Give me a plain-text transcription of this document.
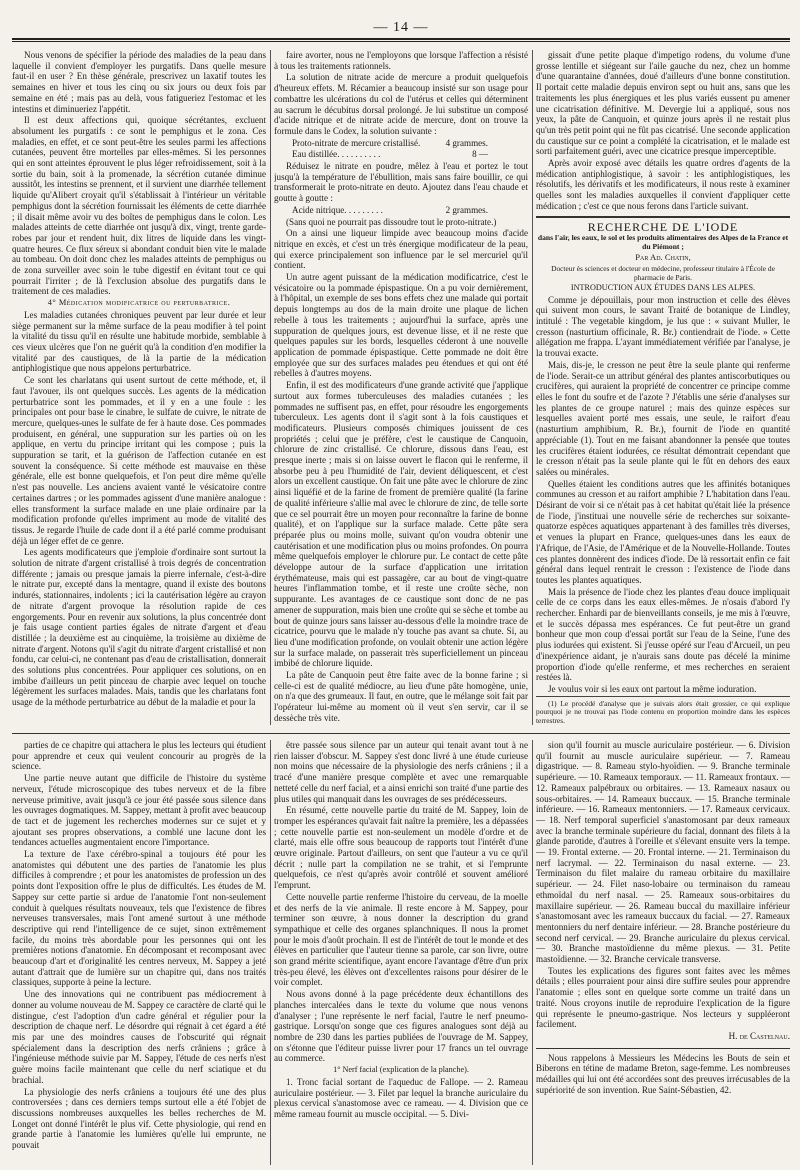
— 14 —

Nous venons de spécifier la période des maladies de la peau dans laquelle il convient d'employer les purgatifs. Dans quelle mesure faut-il en user ? En thèse générale, prescrivez un laxatif toutes les semaines en hiver et tous les cinq ou six jours ou deux fois par semaine en été ; mais pas au delà, vous fatigueriez l'estomac et les intestins et diminueriez l'appétit.

Il est deux affections qui, quoique sécrétantes, excluent absolument les purgatifs : ce sont le pemphigus et le zona. Ces maladies, en effet, et ce sont peut-être les seules parmi les affections cutanées, peuvent être mortelles par elles-mêmes. Si les personnes qui en sont atteintes éprouvent le plus léger refroidissement, soit à la sortie du bain, soit à la promenade, la sécrétion cutanée diminue aussitôt, les intestins se prennent, et il survient une diarrhée tellement liquide qu'Alibert croyait qu'il s'établissait à l'intérieur un véritable pemphigus dont la sécrétion fournissait les éléments de cette diarrhée ; il disait même avoir vu des boîtes de pemphigus dans le colon. Les malades atteints de cette diarrhée ont jusqu'à dix, vingt, trente garde-robes par jour et rendent huit, dix litres de liquide dans les vingt-quatre heures. Ce flux séreux si abondant conduit bien vite le malade au tombeau. On doit donc chez les malades atteints de pemphigus ou de zona surveiller avec soin le tube digestif en évitant tout ce qui pourrait l'irriter ; de là l'exclusion absolue des purgatifs dans le traitement de ces maladies.

4° Médication modificatrice ou perturbatrice.

Les maladies cutanées chroniques peuvent par leur durée et leur siège permanent sur la même surface de la peau modifier à tel point la vitalité du tissu qu'il en résulte une habitude morbide, semblable à ces vieux ulcères que l'on ne guérit qu'à la condition d'en modifier la vitalité par des caustiques, de là la partie de la médication antiphlogistique que nous appelons perturbatrice.

Ce sont les charlatans qui usent surtout de cette méthode, et, il faut l'avouer, ils ont quelques succès. Les agents de la médication perturbatrice sont les pommades, et il y en a une foule : les principales ont pour base le cinabre, le sulfate de cuivre, le nitrate de mercure, quelques-unes le sulfate de fer à haute dose. Ces pommades produisent, en général, une suppuration sur les parties où on les applique, en vertu du principe irritant qui les compose ; puis la suppuration se tarit, et la guérison de l'affection cutanée en est souvent la conséquence. Si cette méthode est mauvaise en thèse générale, elle est bonne quelquefois, et l'on peut dire même qu'elle n'est pas nouvelle. Les anciens avaient vanté le vésicatoire contre certaines dartres ; or les pommades agissent d'une manière analogue : elles transforment la surface malade en une plaie ordinaire par la modification profonde qu'elles impriment au mode de vitalité des tissus. Je regarde l'huile de cade dont il a été parlé comme produisant déjà un léger effet de ce genre.

Les agents modificateurs que j'emploie d'ordinaire sont surtout la solution de nitrate d'argent cristallisé à trois degrés de concentration différente ; jamais ou presque jamais la pierre infernale, c'est-à-dire le nitrate pur, excepté dans la mentagre, quand il existe des boutons indurés, stationnaires, indolents ; ici la cautérisation légère au crayon de nitrate d'argent provoque la résolution rapide de ces engorgements. Pour en revenir aux solutions, la plus concentrée dont je fais usage contient parties égales de nitrate d'argent et d'eau distillée ; la deuxième est au cinquième, la troisième au dixième de nitrate d'argent. Notons qu'il s'agit du nitrate d'argent cristallisé et non fondu, car celui-ci, ne contenant pas d'eau de cristallisation, donnerait des solutions plus concentrées. Pour appliquer ces solutions, on en imbibe d'ailleurs un petit pinceau de charpie avec lequel on touche légèrement les surfaces malades. Mais, tandis que les charlatans font usage de la méthode perturbatrice au début de la maladie et pour la

faire avorter, nous ne l'employons que lorsque l'affection a résisté à tous les traitements rationnels.

La solution de nitrate acide de mercure a produit quelquefois d'heureux effets. M. Récamier a beaucoup insisté sur son usage pour combattre les ulcérations du col de l'utérus et celles qui déterminent au sacrum le décubitus dorsal prolongé. Je lui substitue un composé d'acide nitrique et de nitrate acide de mercure, dont on trouve la formule dans le Codex, la solution suivante :

Proto-nitrate de mercure cristallisé.	4 grammes.

Eau distillée. . . . . . . . . .	8 —

Réduisez le nitrate en poudre, mêlez à l'eau et portez le tout jusqu'à la température de l'ébullition, mais sans faire bouillir, ce qui transformerait le proto-nitrate en deuto. Ajoutez dans l'eau chaude et goutte à goutte :

Acide nitrique. . . . . . . . .	2 grammes.

(Sans quoi ne pourrait pas dissoudre tout le proto-nitrate.)

On a ainsi une liqueur limpide avec beaucoup moins d'acide nitrique en excès, et c'est un très énergique modificateur de la peau, qui exerce principalement son influence par le sel mercuriel qu'il contient.

Un autre agent puissant de la médication modificatrice, c'est le vésicatoire ou la pommade épispastique. On a pu voir dernièrement, à l'hôpital, un exemple de ses bons effets chez une malade qui portait depuis longtemps au dos de la main droite une plaque de lichen rebelle à tous les traitements ; aujourd'hui la surface, après une suppuration de quelques jours, est devenue lisse, et il ne reste que quelques papules sur les bords, lesquelles céderont à une nouvelle application de pommade épispastique. Cette pommade ne doit être employée que sur des surfaces malades peu étendues et qui ont été rebelles à d'autres moyens.

Enfin, il est des modificateurs d'une grande activité que j'applique surtout aux formes tuberculeuses des maladies cutanées ; les pommades ne suffisent pas, en effet, pour résoudre les engorgements tuberculeux. Les agents dont il s'agit sont à la fois caustiques et modificateurs. Plusieurs composés chimiques jouissent de ces propriétés ; celui que je préfère, c'est le caustique de Canquoin, chlorure de zinc cristallisé. Ce chlorure, dissous dans l'eau, est presque inerte ; mais si on laisse ouvert le flacon qui le renferme, il absorbe peu à peu l'humidité de l'air, devient déliquescent, et c'est alors un excellent caustique. On fait une pâte avec le chlorure de zinc ainsi liquéfié et de la farine de froment de première qualité (la farine de qualité inférieure s'allie mal avec le chlorure de zinc, de telle sorte que ce sel pourrait être un moyen pour reconnaître la farine de bonne qualité), et on l'applique sur la surface malade. Cette pâte sera préparée plus ou moins molle, suivant qu'on voudra obtenir une cautérisation et une modification plus ou moins profondes. On pourra même quelquefois employer le chlorure pur. Le contact de cette pâte développe autour de la surface d'application une irritation érythémateuse, mais qui est passagère, car au bout de vingt-quatre heures l'inflammation tombe, et il reste une croûte sèche, non suppurante. Les avantages de ce caustique sont donc de ne pas amener de suppuration, mais bien une croûte qui se sèche et tombe au bout de quinze jours sans laisser au-dessous d'elle la moindre trace de cicatrice, pourvu que le malade n'y touche pas avant sa chute. Si, au lieu d'une modification profonde, on voulait obtenir une action légère sur la surface malade, on passerait très superficiellement un pinceau imbibé de chlorure liquide.

La pâte de Canquoin peut être faite avec de la bonne farine ; si celle-ci est de qualité médiocre, au lieu d'une pâte homogène, unie, on n'a que des grumeaux. Il faut, en outre, que le mélange soit fait par l'opérateur lui-même au moment où il veut s'en servir, car il se dessèche très vite.

gissait d'une petite plaque d'impetigo rodens, du volume d'une grosse lentille et siégeant sur l'aile gauche du nez, chez un homme d'une quarantaine d'années, doué d'ailleurs d'une bonne constitution. Il portait cette maladie depuis environ sept ou huit ans, sans que les traitements les plus énergiques et les plus variés eussent pu amener une cicatrisation définitive. M. Devergie lui a appliqué, sous nos yeux, la pâte de Canquoin, et quinze jours après il ne restait plus qu'un très petit point qui ne fût pas cicatrisé. Une seconde application du caustique sur ce point a complété la cicatrisation, et le malade est sorti parfaitement guéri, avec une cicatrice presque imperceptible.

Après avoir exposé avec détails les quatre ordres d'agents de la médication antiphlogistique, à savoir : les antiphlogistiques, les résolutifs, les dérivatifs et les modificateurs, il nous reste à examiner quelles sont les maladies auxquelles il convient d'appliquer cette médication ; c'est ce que nous ferons dans l'article suivant.

RECHERCHE DE L'IODE

dans l'air, les eaux, le sol et les produits alimentaires des Alpes de la France et du Piémont ;

Par Ad. Chatin,

Docteur ès sciences et docteur en médecine, professeur titulaire à l'École de pharmacie de Paris.

INTRODUCTION AUX ÉTUDES DANS LES ALPES.

Comme je dépouillais, pour mon instruction et celle des élèves qui suivent mon cours, le savant Traité de botanique de Lindley, intitulé : The vegetable kingdom, je lus que : « suivant Muller, le cresson (nasturtium officinale, R. Br.) contiendrait de l'iode. » Cette allégation me frappa. L'ayant immédiatement vérifiée par l'analyse, je la trouvai exacte.

Mais, dis-je, le cresson ne peut être la seule plante qui renferme de l'iode. Serait-ce un attribut général des plantes antiscorbutiques ou crucifères, qui auraient la propriété de concentrer ce principe comme elles le font du soufre et de l'azote ? J'établis une série d'analyses sur les plantes de ce groupe naturel ; mais des quinze espèces sur lesquelles avaient porté mes essais, une seule, le raifort d'eau (nasturtium amphibium, R. Br.), fournit de l'iode en quantité appréciable (1). Tout en me faisant abandonner la pensée que toutes les crucifères étaient iodurées, ce résultat démontrait cependant que le cresson n'était pas la seule plante qui le fût en dehors des eaux salées ou minérales.

Quelles étaient les conditions autres que les affinités botaniques communes au cresson et au raifort amphibie ? L'habitation dans l'eau. Désirant de voir si ce n'était pas à cet habitat qu'était liée la présence de l'iode, j'instituai une nouvelle série de recherches sur soixante-quatorze espèces aquatiques appartenant à des familles très diverses, et venues la plupart en France, quelques-unes dans les eaux de l'Afrique, de l'Asie, de l'Amérique et de la Nouvelle-Hollande. Toutes ces plantes donnèrent des indices d'iode. De là ressortait enfin ce fait général dans lequel rentrait le cresson : l'existence de l'iode dans toutes les plantes aquatiques.

Mais la présence de l'iode chez les plantes d'eau douce impliquait celle de ce corps dans les eaux elles-mêmes. Je n'osais d'abord l'y rechercher. Enhardi par de bienveillants conseils, je me mis à l'œuvre, et le succès dépassa mes espérances. Ce fut peut-être un grand bonheur que mon coup d'essai portât sur l'eau de la Seine, l'une des plus iodurées qui existent. Si j'eusse opéré sur l'eau d'Arcueil, un peu d'inexpérience aidant, je n'aurais sans doute pas décelé la minime proportion d'iode qu'elle renferme, et mes recherches en seraient restées là.

Je voulus voir si les eaux ont partout la même ioduration.

(1) Le procédé d'analyse que je suivais alors était grossier, ce qui explique pourquoi je ne trouvai pas l'iode contenu en proportion moindre dans les espèces terrestres.

parties de ce chapitre qui attachera le plus les lecteurs qui étudient pour apprendre et ceux qui veulent concourir au progrès de la science.

Une partie neuve autant que difficile de l'histoire du système nerveux, l'étude microscopique des tubes nerveux et de la fibre nerveuse primitive, avait jusqu'à ce jour été passée sous silence dans les ouvrages dogmatiques. M. Sappey, mettant à profit avec beaucoup de tact et de jugement les recherches modernes sur ce sujet et y ajoutant ses propres observations, a comblé une lacune dont les tendances actuelles augmentaient encore l'importance.

La texture de l'axe cérébro-spinal a toujours été pour les anatomistes qui débutent une des parties de l'anatomie les plus difficiles à comprendre ; et pour les anatomistes de profession un des points dont l'exposition offre le plus de difficultés. Les études de M. Sappey sur cette partie si ardue de l'anatomie l'ont non-seulement conduit à quelques résultats nouveaux, tels que l'existence de fibres nerveuses transversales, mais l'ont amené surtout à une méthode descriptive qui rend l'intelligence de ce sujet, sinon extrêmement facile, du moins très abordable pour les personnes qui ont les premières notions d'anatomie. En décomposant et recomposant avec beaucoup d'art et d'originalité les centres nerveux, M. Sappey a jeté autant d'attrait que de lumière sur un chapitre qui, dans nos traités classiques, supporte à peine la lecture.

Une des innovations qui ne contribuent pas médiocrement à donner au volume nouveau de M. Sappey ce caractère de clarté qui le distingue, c'est l'adoption d'un cadre général et régulier pour la description de chaque nerf. Le désordre qui régnait à cet égard a été mis par une des moindres causes de l'obscurité qui régnait spécialement dans la description des nerfs crâniens ; grâce à l'ingénieuse méthode suivie par M. Sappey, l'étude de ces nerfs n'est guère moins facile maintenant que celle du nerf sciatique et du brachial.

La physiologie des nerfs crâniens a toujours été une des plus controversées ; dans ces derniers temps surtout elle a été l'objet de discussions nombreuses auxquelles les belles recherches de M. Longet ont donné l'intérêt le plus vif. Cette physiologie, qui rend en grande partie à l'anatomie les lumières qu'elle lui emprunte, ne pouvait

être passée sous silence par un auteur qui tenait avant tout à ne rien laisser d'obscur. M. Sappey s'est donc livré à une étude curieuse non moins que nécessaire de la physiologie des nerfs crâniens ; il a tracé d'une manière presque complète et avec une remarquable netteté celle du nerf facial, et a ainsi enrichi son traité d'une partie des plus utiles qui manquait dans les ouvrages de ses prédécesseurs.

En résumé, cette nouvelle partie du traité de M. Sappey, loin de tromper les espérances qu'avait fait naître la première, les a dépassées ; cette nouvelle partie est non-seulement un modèle d'ordre et de clarté, mais elle offre sous beaucoup de rapports tout l'intérêt d'une œuvre originale. Partout d'ailleurs, on sent que l'auteur a vu ce qu'il décrit ; nulle part la compilation ne se trahit, et si l'emprunte quelquefois, ce n'est qu'après avoir contrôlé et souvent amélioré l'emprunt.

Cette nouvelle partie renferme l'histoire du cerveau, de la moelle et des nerfs de la vie animale. Il reste encore à M. Sappey, pour terminer son œuvre, à nous donner la description du grand sympathique et celle des organes splanchniques. Il nous la promet pour le mois d'août prochain. Il est de l'intérêt de tout le monde et des élèves en particulier que l'auteur tienne sa parole, car son livre, outre son grand mérite scientifique, ayant encore l'avantage d'être d'un prix très-peu élevé, les élèves ont d'excellentes raisons pour désirer de le voir complet.

Nous avons donné à la page précédente deux échantillons des planches intercalées dans le texte du volume que nous venons d'analyser ; l'une représente le nerf facial, l'autre le nerf pneumo-gastrique. Lorsqu'on songe que ces figures analogues sont déjà au nombre de 230 dans les parties publiées de l'ouvrage de M. Sappey, on s'étonne que l'éditeur puisse livrer pour 17 francs un tel ouvrage au commerce.

1° Nerf facial (explication de la planche).

1. Tronc facial sortant de l'aqueduc de Fallope. — 2. Rameau auriculaire postérieur. — 3. Filet par lequel la branche auriculaire du plexus cervical s'anastomose avec ce rameau. — 4. Division que ce même rameau fournit au muscle occipital. — 5. Divi-

sion qu'il fournit au muscle auriculaire postérieur. — 6. Division qu'il fournit au muscle auriculaire supérieur. — 7. Rameau digastrique. — 8. Rameau stylo-hyoïdien. — 9. Branche terminale supérieure. — 10. Rameaux temporaux. — 11. Rameaux frontaux. — 12. Rameaux palpébraux ou orbitaires. — 13. Rameaux nasaux ou sous-orbitaires. — 14. Rameaux buccaux. — 15. Branche terminale inférieure. — 16. Rameaux mentonniers. — 17. Rameaux cervicaux. — 18. Nerf temporal superficiel s'anastomosant par deux rameaux avec la branche terminale supérieure du facial, donnant des filets à la glande parotide, d'autres à l'oreille et s'élevant ensuite vers la tempe. — 19. Frontal externe. — 20. Frontal interne. — 21. Terminaison du nerf lacrymal. — 22. Terminaison du nasal externe. — 23. Terminaison du filet malaire du rameau orbitaire du maxillaire supérieur. — 24. Filet naso-lobaire ou terminaison du rameau ethmoïdal du nerf nasal. — 25. Rameaux sous-orbitaires du maxillaire supérieur. — 26. Rameau buccal du maxillaire inférieur s'anastomosant avec les rameaux buccaux du facial. — 27. Rameaux mentonniers du nerf dentaire inférieur. — 28. Branche postérieure du second nerf cervical. — 29. Branche auriculaire du plexus cervical. — 30. Branche mastoïdienne du même plexus. — 31. Petite mastoïdienne. — 32. Branche cervicale transverse.

Toutes les explications des figures sont faites avec les mêmes détails ; elles pourraient pour ainsi dire suffire seules pour apprendre l'anatomie ; elles sont en quelque sorte comme un traité dans un traité. Nous croyons inutile de reproduire l'explication de la figure qui représente le pneumo-gastrique. Nos lecteurs y suppléeront facilement.

H. de Castelnau.

Nous rappelons à Messieurs les Médecins les Bouts de sein et Biberons en tétine de madame Breton, sage-femme. Les nombreuses médailles qui lui ont été accordées sont des preuves irrécusables de la supériorité de son invention. Rue Saint-Sébastien, 42.
